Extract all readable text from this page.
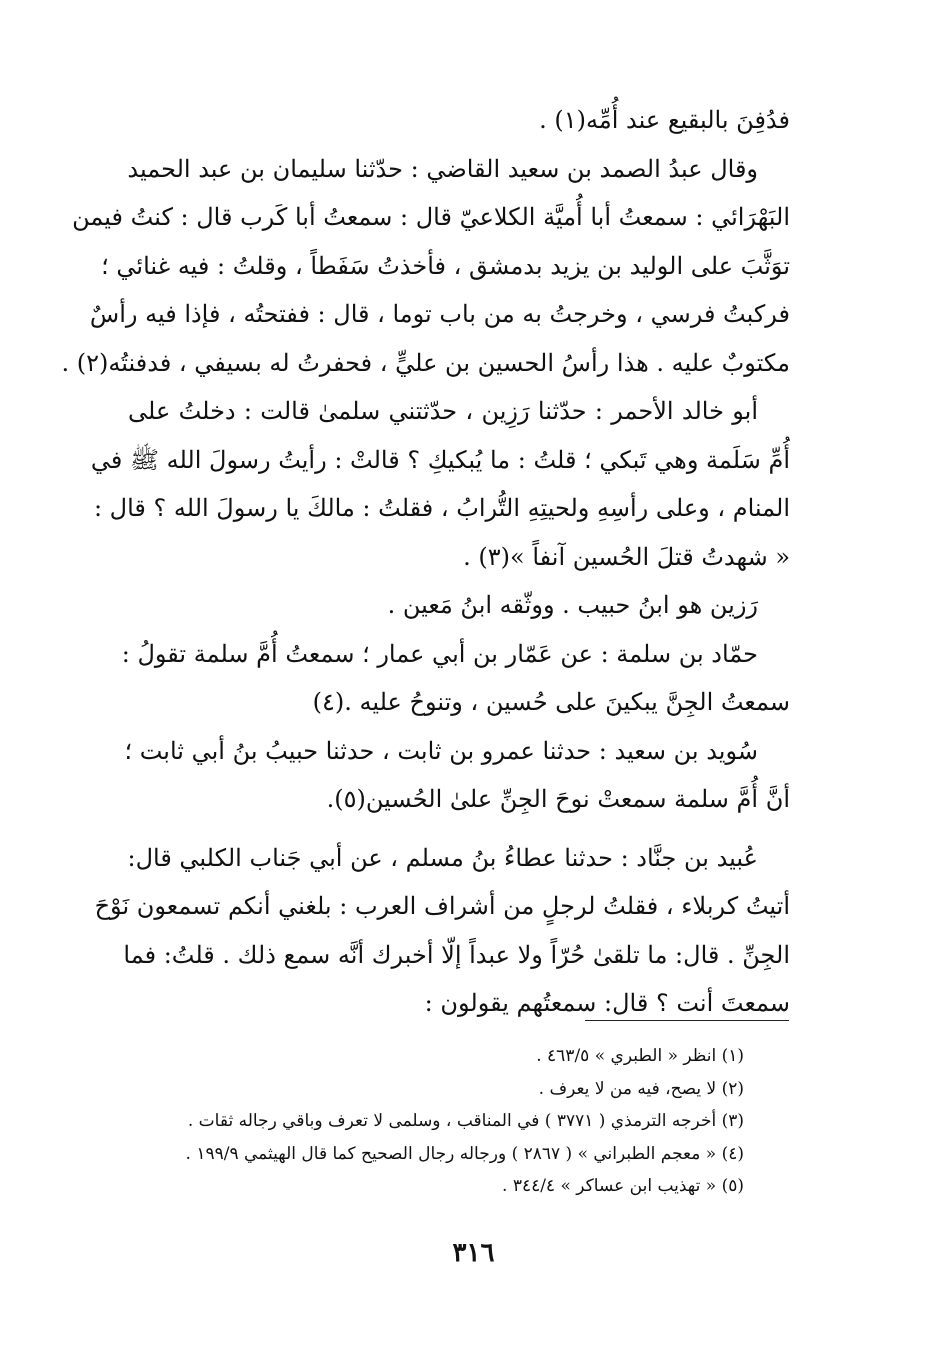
فدُفِنَ بالبقيع عند أُمِّه(١) .
وقال عبدُ الصمد بن سعيد القاضي : حدّثنا سليمان بن عبد الحميد
البَهْرَائي : سمعتُ أبا أُميَّة الكلاعيّ قال : سمعتُ أبا كَرب قال : كنتُ فيمن
توَثَّبَ على الوليد بن يزيد بدمشق ، فأخذتُ سَفَطاً ، وقلتُ : فيه غنائي ؛
فركبتُ فرسي ، وخرجتُ به من باب توما ، قال : ففتحتُه ، فإذا فيه رأسٌ
مكتوبٌ عليه . هذا رأسُ الحسين بن عليٍّ ، فحفرتُ له بسيفي ، فدفنتُه(٢) .
أبو خالد الأحمر : حدّثنا رَزِين ، حدّثتني سلمىٰ قالت : دخلتُ على
أُمِّ سَلَمة وهي تَبكي ؛ قلتُ : ما يُبكيكِ ؟ قالتْ : رأيتُ رسولَ الله ﷺ في
المنام ، وعلى رأسِهِ ولحيتِهِ التُّرابُ ، فقلتُ : مالكَ يا رسولَ الله ؟ قال :
« شهدتُ قتلَ الحُسين آنفاً »(٣) .
رَزين هو ابنُ حبيب . ووثّقه ابنُ مَعين .
حمّاد بن سلمة : عن عَمّار بن أبي عمار ؛ سمعتُ أُمَّ سلمة تقولُ :
سمعتُ الجِنَّ يبكينَ على حُسين ، وتنوحُ عليه .(٤)
سُويد بن سعيد : حدثنا عمرو بن ثابت ، حدثنا حبيبُ بنُ أبي ثابت ؛
أنَّ أُمَّ سلمة سمعتْ نوحَ الجِنِّ علىٰ الحُسين(٥).
عُبيد بن جنَّاد : حدثنا عطاءُ بنُ مسلم ، عن أبي جَناب الكلبي قال:
أتيتُ كربلاء ، فقلتُ لرجلٍ من أشراف العرب : بلغني أنكم تسمعون نَوْحَ
الجِنِّ . قال: ما تلقىٰ حُرّاً ولا عبداً إلّا أخبرك أنَّه سمع ذلك . قلتُ: فما
سمعتَ أنت ؟ قال: سمعتُهم يقولون :
(١) انظر « الطبري » ٤٦٣/٥ .
(٢) لا يصح، فيه من لا يعرف .
(٣) أخرجه الترمذي ( ٣٧٧١ ) في المناقب ، وسلمى لا تعرف وباقي رجاله ثقات .
(٤) « معجم الطبراني » ( ٢٨٦٧ ) ورجاله رجال الصحيح كما قال الهيثمي ١٩٩/٩ .
(٥) « تهذيب ابن عساكر » ٣٤٤/٤ .
٣١٦
